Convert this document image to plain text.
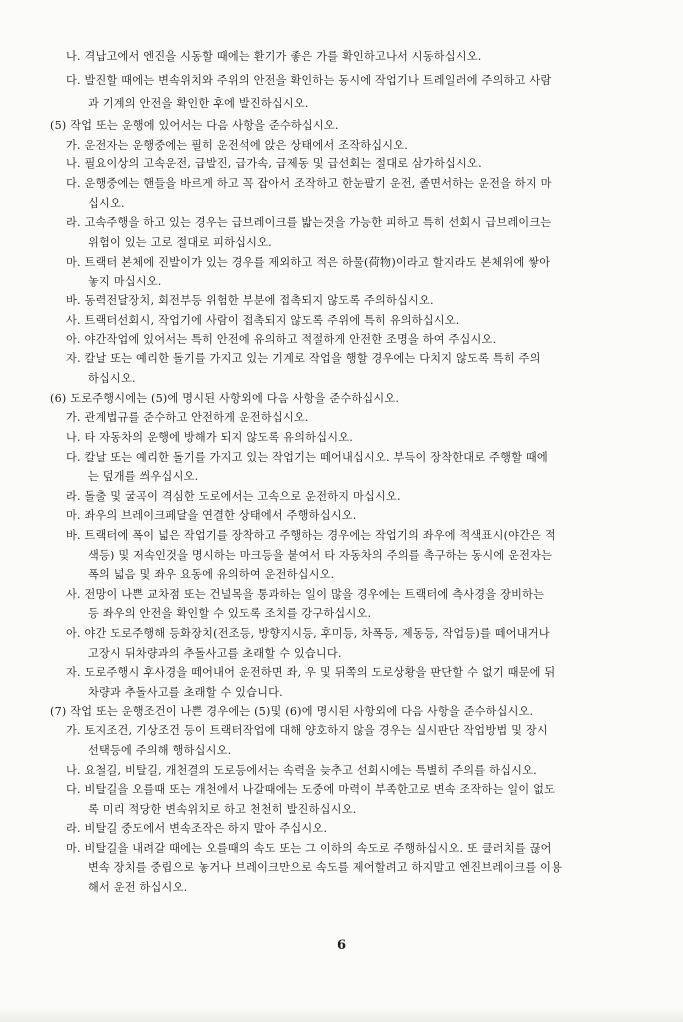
나. 격납고에서 엔진을 시동할 때에는 환기가 좋은 가를 확인하고나서 시동하십시오.
다. 발진할 때에는 변속위치와 주위의 안전을 확인하는 동시에 작업기나 트레일러에 주의하고 사람
과 기계의 안전을 확인한 후에 발진하십시오.
(5) 작업 또는 운행에 있어서는 다음 사항을 준수하십시오.
가. 운전자는 운행중에는 필히 운전석에 앉은 상태에서 조작하십시오.
나. 필요이상의 고속운전, 급발진, 급가속, 급제동 및 급선회는 절대로 삼가하십시오.
다. 운행중에는 핸들을 바르게 하고 꼭 잡아서 조작하고 한눈팔기 운전, 졸면서하는 운전을 하지 마
십시오.
라. 고속주행을 하고 있는 경우는 급브레이크를 밟는것을 가능한 피하고 특히 선회시 급브레이크는
위험이 있는 고로 절대로 피하십시오.
마. 트랙터 본체에 진발이가 있는 경우를 제외하고 적은 하물(荷物)이라고 할지라도 본체위에 쌓아
놓지 마십시오.
바. 동력전달장치, 회전부등 위험한 부분에 접촉되지 않도록 주의하십시오.
사. 트랙터선회시, 작업기에 사람이 접촉되지 않도록 주위에 특히 유의하십시오.
아. 야간작업에 있어서는 특히 안전에 유의하고 적절하게 안전한 조명을 하여 주십시오.
자. 칼날 또는 예리한 돌기를 가지고 있는 기계로 작업을 행할 경우에는 다치지 않도록 특히 주의
하십시오.
(6) 도로주행시에는 (5)에 명시된 사항외에 다음 사항을 준수하십시오.
가. 관계법규를 준수하고 안전하게 운전하십시오.
나. 타 자동차의 운행에 방해가 되지 않도록 유의하십시오.
다. 칼날 또는 예리한 돌기를 가지고 있는 작업기는 떼어내십시오. 부득이 장착한대로 주행할 때에
는 덮개를 씌우십시오.
라. 돌출 및 굴곡이 격심한 도로에서는 고속으로 운전하지 마십시오.
마. 좌우의 브레이크페달을 연결한 상태에서 주행하십시오.
바. 트랙터에 폭이 넓은 작업기를 장착하고 주행하는 경우에는 작업기의 좌우에 적색표시(야간은 적
색등) 및 저속인것을 명시하는 마크등을 붙여서 타 자동차의 주의를 촉구하는 동시에 운전자는
폭의 넓음 및 좌우 요동에 유의하여 운전하십시오.
사. 전망이 나쁜 교차점 또는 건널목을 통과하는 일이 많을 경우에는 트랙터에 측사경을 장비하는
등 좌우의 안전을 확인할 수 있도록 조치를 강구하십시오.
아. 야간 도로주행해 등화장치(전조등, 방향지시등, 후미등, 차폭등, 제동등, 작업등)를 떼어내거나
고장시 뒤차량과의 추돌사고를 초래할 수 있습니다.
자. 도로주행시 후사경을 떼어내어 운전하면 좌, 우 및 뒤쪽의 도로상황을 판단할 수 없기 때문에 뒤
차량과 추돌사고를 초래할 수 있습니다.
(7) 작업 또는 운행조건이 나쁜 경우에는 (5)및 (6)에 명시된 사항외에 다음 사항을 준수하십시오.
가. 토지조건, 기상조건 등이 트랙터작업에 대해 양호하지 않을 경우는 실시판단 작업방법 및 장시
선택등에 주의해 행하십시오.
나. 요철길, 비탈길, 개천결의 도로등에서는 속력을 늦추고 선회시에는 특별히 주의를 하십시오.
다. 비탈길을 오를때 또는 개천에서 나갈때에는 도중에 마력이 부족한고로 변속 조작하는 일이 없도
록 미리 적당한 변속위치로 하고 천천히 발진하십시오.
라. 비탈길 중도에서 변속조작은 하지 말아 주십시오.
마. 비탈길을 내려갈 때에는 오를때의 속도 또는 그 이하의 속도로 주행하십시오. 또 클러치를 끊어
변속 장치를 중립으로 놓거나 브레이크만으로 속도를 제어할려고 하지말고 엔진브레이크를 이용
해서 운전 하십시오.
6
